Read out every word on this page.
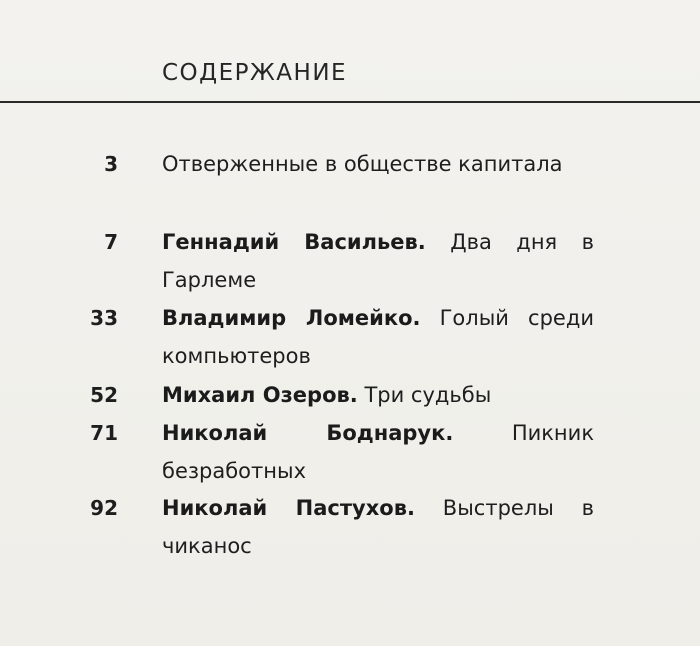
СОДЕРЖАНИЕ
3 Отверженные в обществе капитала
7 Геннадий Васильев. Два дня в Гарлеме
33 Владимир Ломейко. Голый среди компьютеров
52 Михаил Озеров. Три судьбы
71 Николай Боднарук.	Пикник безработных
92 Николай Пастухов. Выстрелы в чиканос
